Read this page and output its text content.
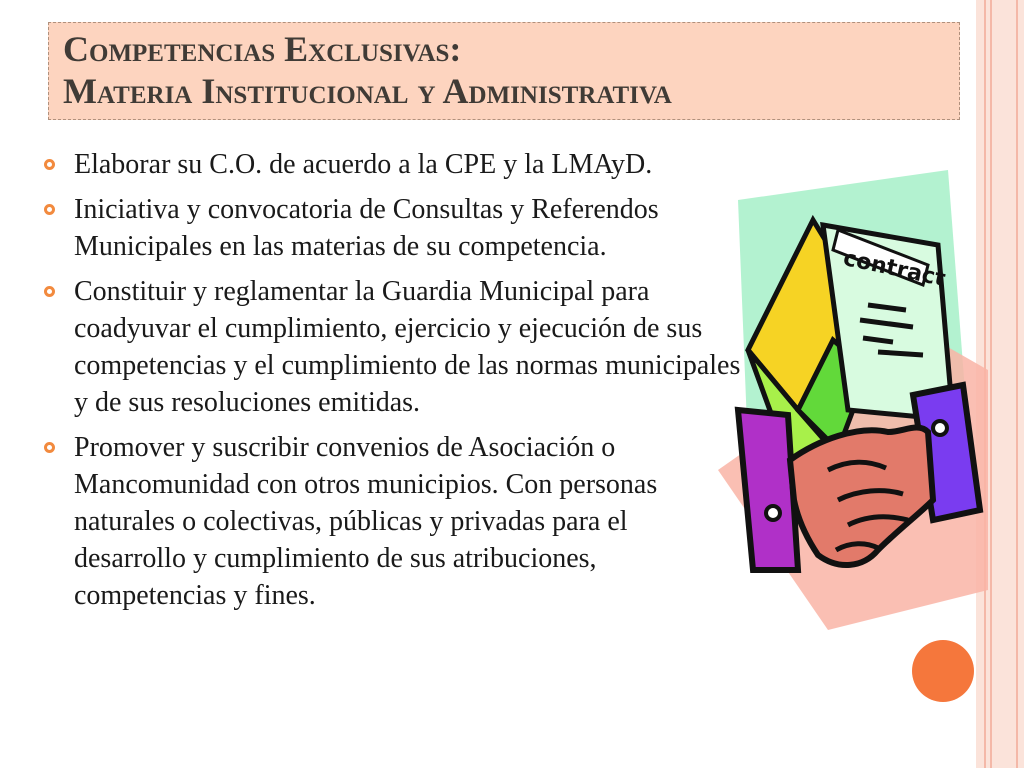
Competencias Exclusivas:
Materia Institucional y Administrativa
Elaborar su C.O. de acuerdo a la CPE y la LMAyD.
Iniciativa y convocatoria de Consultas y Referendos Municipales en las materias de su competencia.
Constituir y reglamentar la Guardia Municipal para coadyuvar el cumplimiento, ejercicio y ejecución de sus competencias y el cumplimiento de las normas municipales y de sus resoluciones emitidas.
Promover y suscribir convenios de Asociación o Mancomunidad con otros municipios. Con personas naturales o colectivas, públicas y privadas para el desarrollo y cumplimiento de sus atribuciones, competencias y fines.
contract
